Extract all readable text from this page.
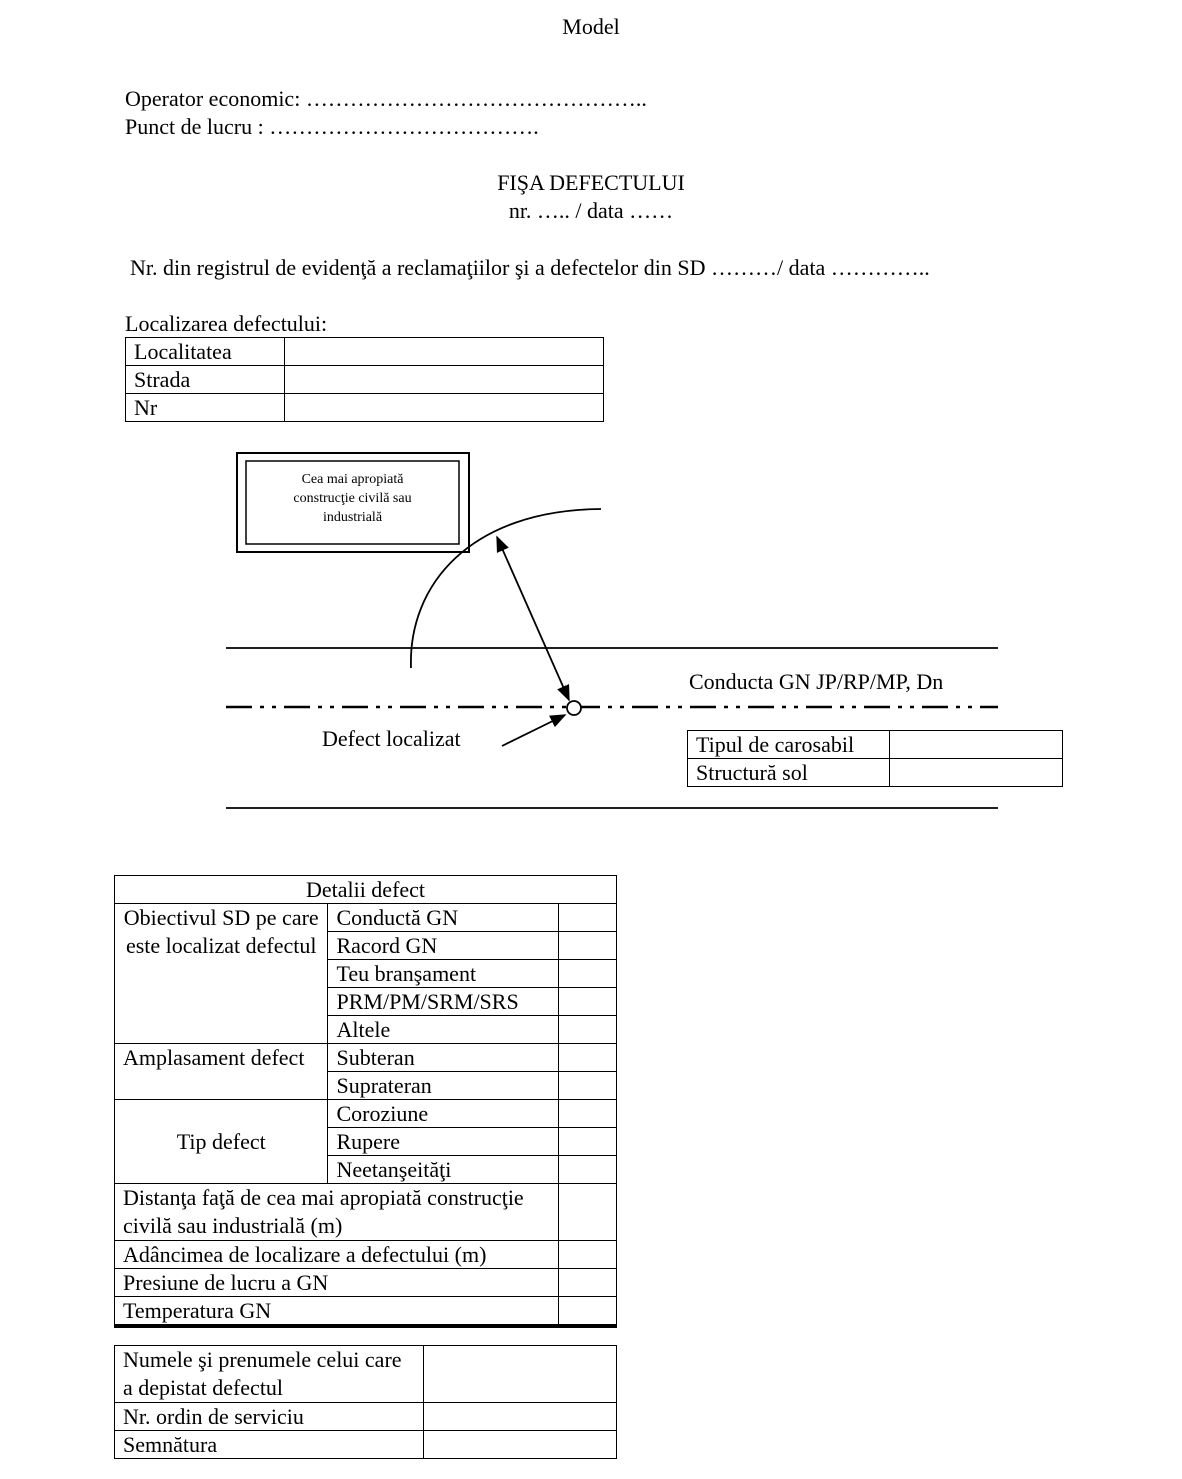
Model
Operator economic: ………………………………………..
Punct de lucru : ……………………………….
FIŞA DEFECTULUI
nr. ….. / data ……
Nr. din registrul de evidenţă a reclamaţiilor şi a defectelor din SD ………/ data …………..
Localizarea defectului:
Localitatea	
Strada	
Nr	
Cea mai apropiată
construcţie civilă sau
industrială
Conducta GN JP/RP/MP, Dn
Defect localizat	Tipul de carosabil	
Structură sol	
Detalii defect		
Obiectivul SD pe care este localizat defectul	Conductă GN	
	Racord GN	
	Teu branşament	
	PRM/PM/SRM/SRS	
	Altele	
Amplasament defect	Subteran	
	Suprateran	
Tip defect	Coroziune	
	Rupere	
	Neetanşeităţi	
Distanţa faţă de cea mai apropiată construcţie civilă sau industrială (m)		
Adâncimea de localizare a defectului (m)		
Presiune de lucru a GN		
Temperatura GN		
Numele şi prenumele celui care a depistat defectul	
Nr. ordin de serviciu	
Semnătura	
